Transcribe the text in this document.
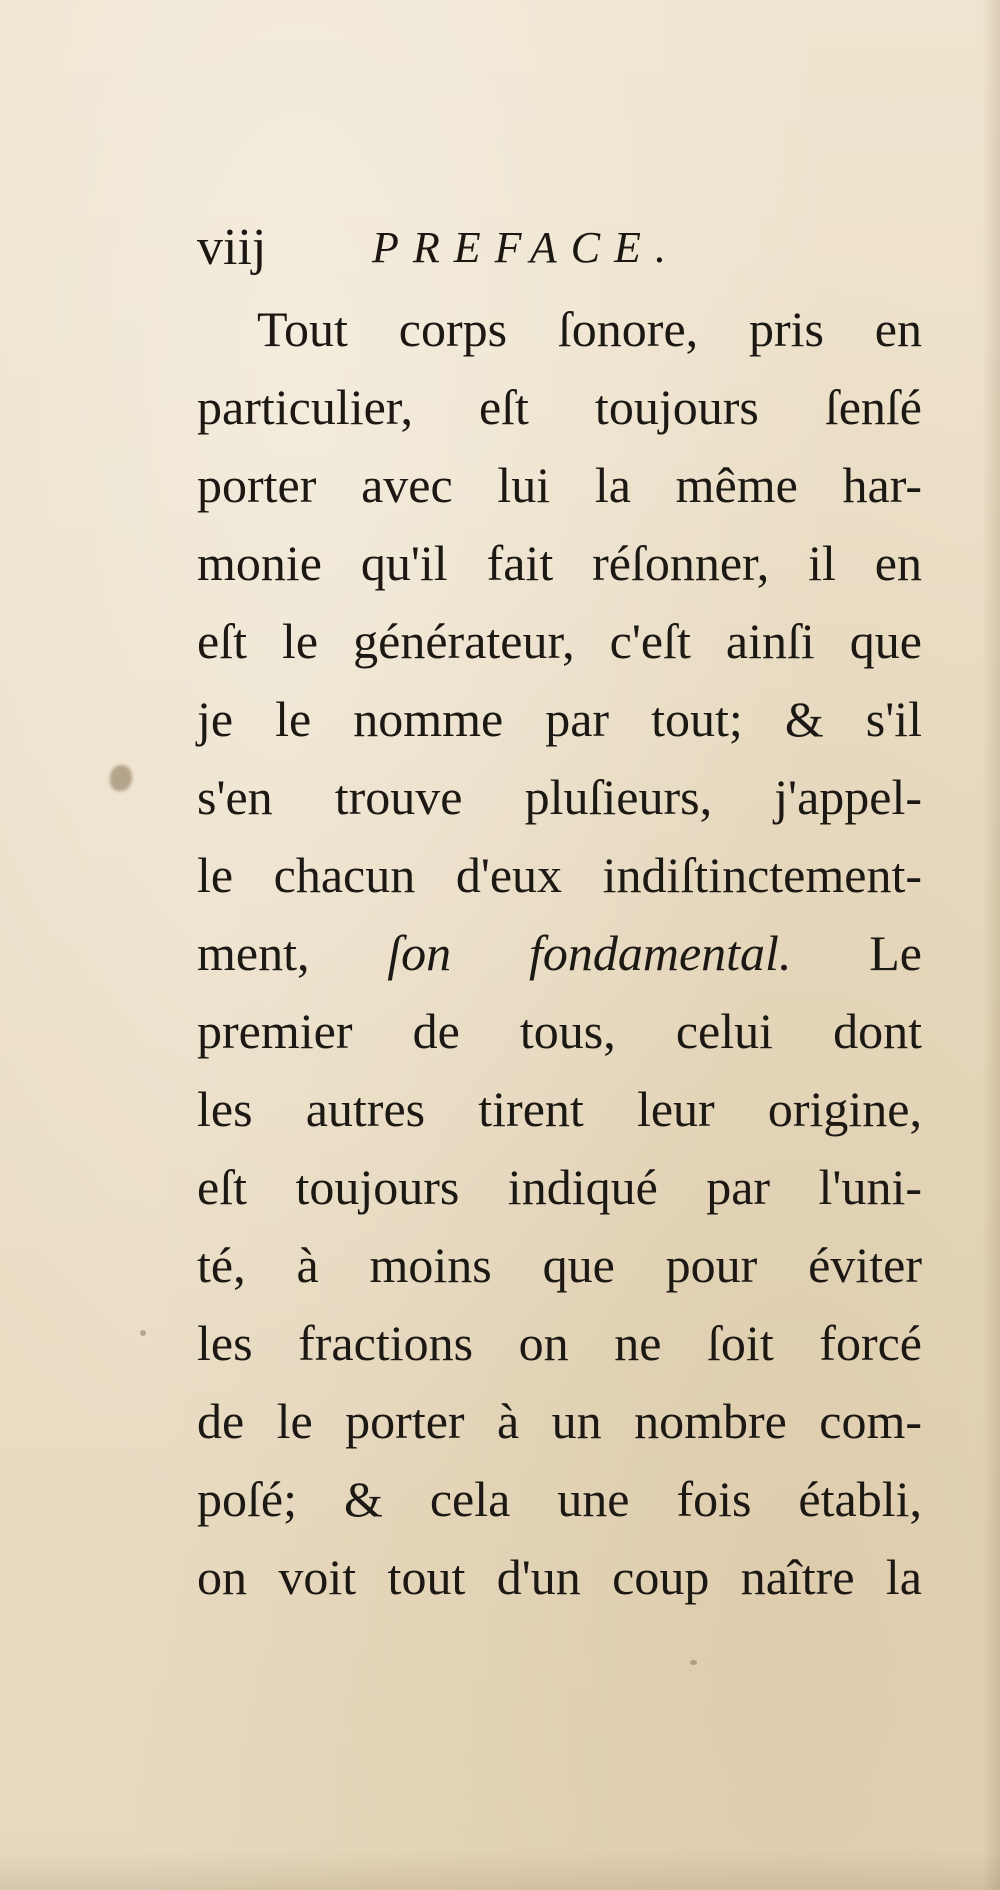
viij PREFACE.
Tout corps ſonore, pris en
particulier, eſt toujours ſenſé
porter avec lui la même har-
monie qu'il fait réſonner, il en
eſt le générateur, c'eſt ainſi que
je le nomme par tout; & s'il
s'en trouve pluſieurs, j'appel-
le chacun d'eux indiſtinctement-
ment, ſon fondamental. Le
premier de tous, celui dont
les autres tirent leur origine,
eſt toujours indiqué par l'uni-
té, à moins que pour éviter
les fractions on ne ſoit forcé
de le porter à un nombre com-
poſé; & cela une fois établi,
on voit tout d'un coup naître la
